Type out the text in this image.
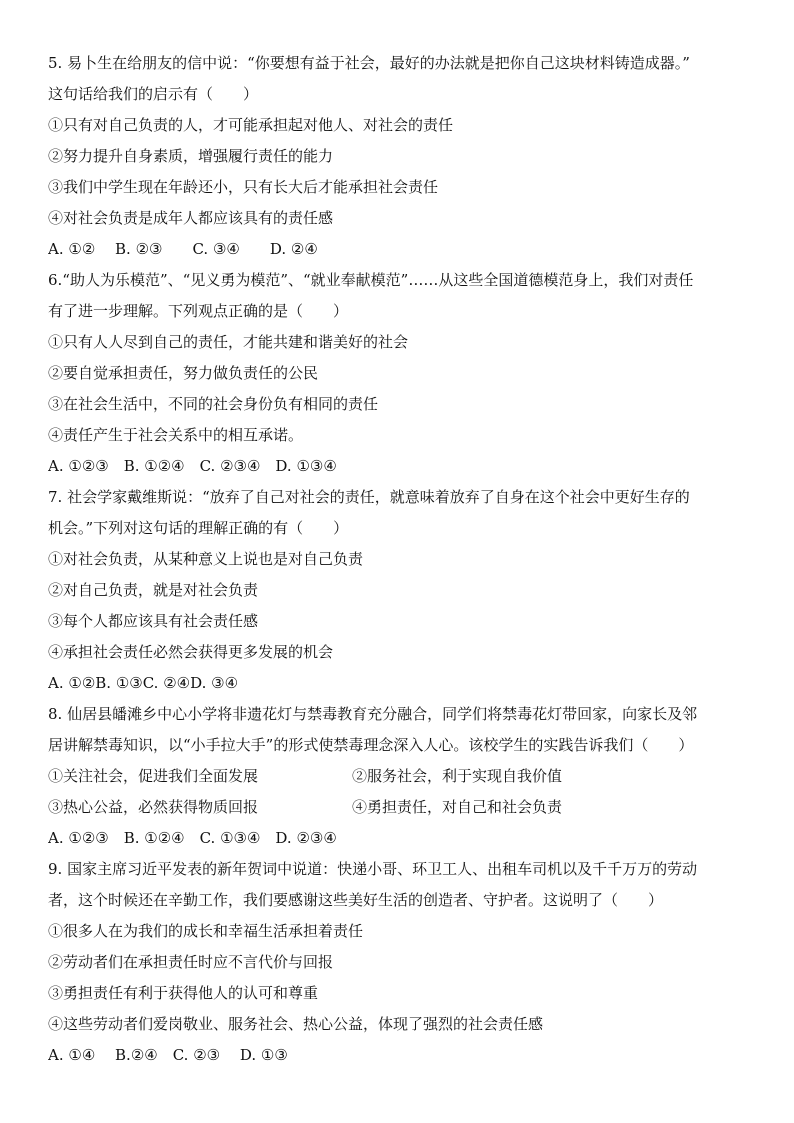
5. 易卜生在给朋友的信中说：“你要想有益于社会，最好的办法就是把你自己这块材料铸造成器。”
这句话给我们的启示有（　　）
①只有对自己负责的人，才可能承担起对他人、对社会的责任
②努力提升自身素质，增强履行责任的能力
③我们中学生现在年龄还小，只有长大后才能承担社会责任
④对社会负责是成年人都应该具有的责任感
A. ①②　 B. ②③　　C. ③④　　D. ②④
6.“助人为乐模范”、“见义勇为模范”、“就业奉献模范”……从这些全国道德模范身上，我们对责任
有了进一步理解。下列观点正确的是（　　）
①只有人人尽到自己的责任，才能共建和谐美好的社会
②要自觉承担责任，努力做负责任的公民
③在社会生活中，不同的社会身份负有相同的责任
④责任产生于社会关系中的相互承诺。
A. ①②③　B. ①②④　C. ②③④　D. ①③④
7. 社会学家戴维斯说：“放弃了自己对社会的责任，就意味着放弃了自身在这个社会中更好生存的
机会。”下列对这句话的理解正确的有（　　）
①对社会负责，从某种意义上说也是对自己负责
②对自己负责，就是对社会负责
③每个人都应该具有社会责任感
④承担社会责任必然会获得更多发展的机会
A. ①②B. ①③C. ②④D. ③④
8. 仙居县皤滩乡中心小学将非遗花灯与禁毒教育充分融合，同学们将禁毒花灯带回家，向家长及邻
居讲解禁毒知识，以“小手拉大手”的形式使禁毒理念深入人心。该校学生的实践告诉我们（　　）
①关注社会，促进我们全面发展	②服务社会，利于实现自我价值
③热心公益，必然获得物质回报	④勇担责任，对自己和社会负责
A. ①②③　B. ①②④　C. ①③④　D. ②③④
9. 国家主席习近平发表的新年贺词中说道：快递小哥、环卫工人、出租车司机以及千千万万的劳动
者，这个时候还在辛勤工作，我们要感谢这些美好生活的创造者、守护者。这说明了（　　）
①很多人在为我们的成长和幸福生活承担着责任
②劳动者们在承担责任时应不言代价与回报
③勇担责任有利于获得他人的认可和尊重
④这些劳动者们爱岗敬业、服务社会、热心公益，体现了强烈的社会责任感
A. ①④　 B.②④　C. ②③　 D. ①③
